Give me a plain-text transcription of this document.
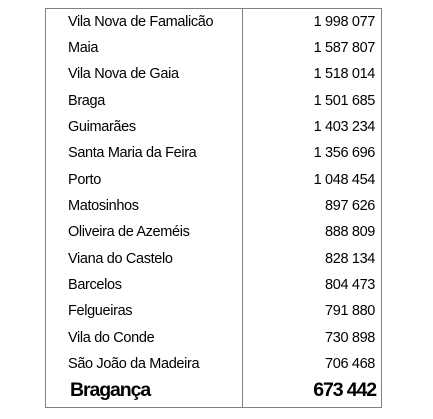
Vila Nova de Famalicão	1 998 077
Maia	1 587 807
Vila Nova de Gaia	1 518 014
Braga	1 501 685
Guimarães	1 403 234
Santa Maria da Feira	1 356 696
Porto	1 048 454
Matosinhos	897 626
Oliveira de Azeméis	888 809
Viana do Castelo	828 134
Barcelos	804 473
Felgueiras	791 880
Vila do Conde	730 898
São João da Madeira	706 468
Bragança	673 442
